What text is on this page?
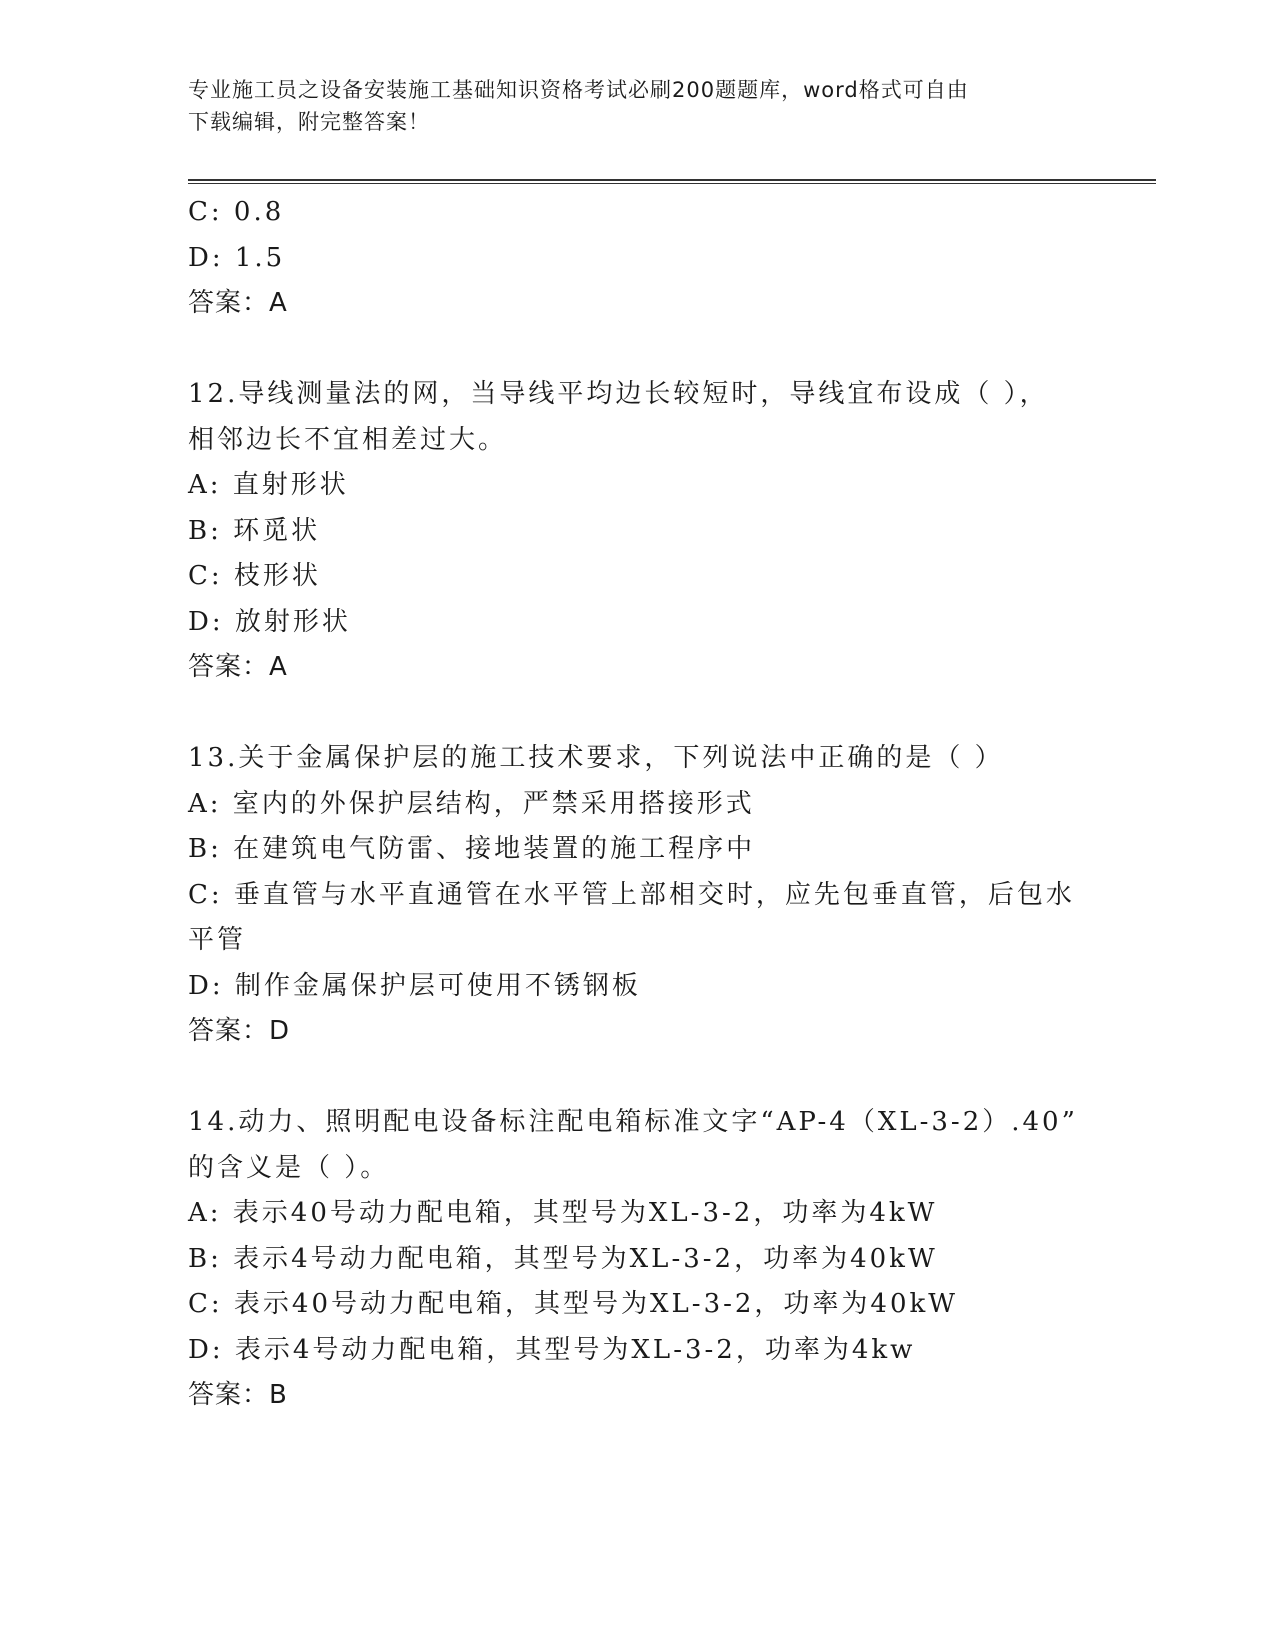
专业施工员之设备安装施工基础知识资格考试必刷200题题库，word格式可自由
下载编辑，附完整答案！
C: 0.8
D: 1.5
答案：A
12.导线测量法的网，当导线平均边长较短时，导线宜布设成（ ），
相邻边长不宜相差过大。
A: 直射形状
B: 环觅状
C: 枝形状
D: 放射形状
答案：A
13.关于金属保护层的施工技术要求，下列说法中正确的是（ ）
A: 室内的外保护层结构，严禁采用搭接形式
B: 在建筑电气防雷、接地装置的施工程序中
C: 垂直管与水平直通管在水平管上部相交时，应先包垂直管，后包水
平管
D: 制作金属保护层可使用不锈钢板
答案：D
14.动力、照明配电设备标注配电箱标准文字“AP-4（XL-3-2）.40”
的含义是（ ）。
A: 表示40号动力配电箱，其型号为XL-3-2，功率为4kW
B: 表示4号动力配电箱，其型号为XL-3-2，功率为40kW
C: 表示40号动力配电箱，其型号为XL-3-2，功率为40kW
D: 表示4号动力配电箱，其型号为XL-3-2，功率为4kw
答案：B
